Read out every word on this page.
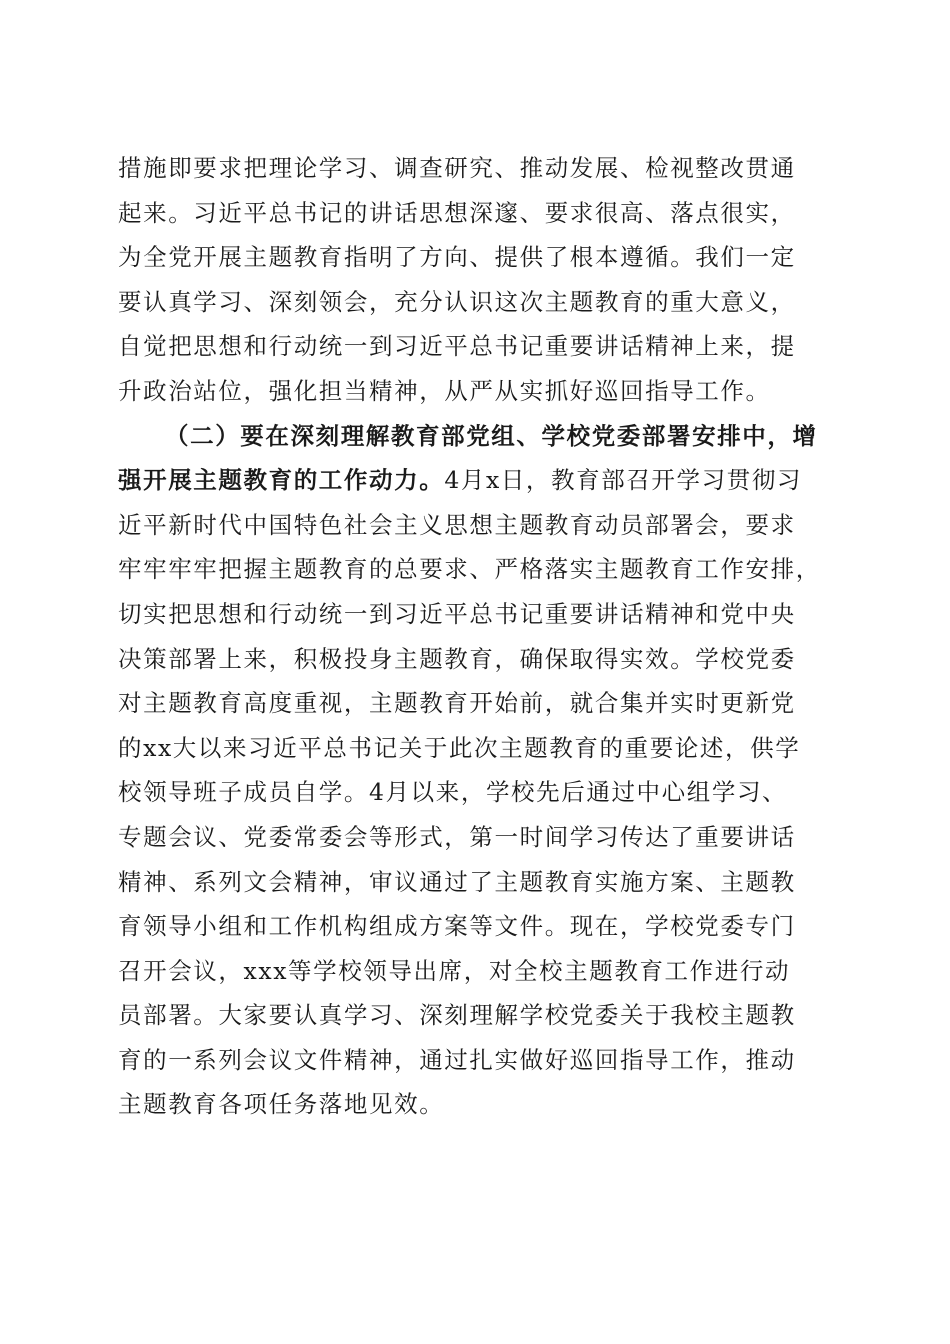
措施即要求把理论学习、调查研究、推动发展、检视整改贯通
起来。习近平总书记的讲话思想深邃、要求很高、落点很实，
为全党开展主题教育指明了方向、提供了根本遵循。我们一定
要认真学习、深刻领会，充分认识这次主题教育的重大意义，
自觉把思想和行动统一到习近平总书记重要讲话精神上来，提
升政治站位，强化担当精神，从严从实抓好巡回指导工作。
（二）要在深刻理解教育部党组、学校党委部署安排中，增
强开展主题教育的工作动力。4月x日，教育部召开学习贯彻习
近平新时代中国特色社会主义思想主题教育动员部署会，要求
牢牢牢牢把握主题教育的总要求、严格落实主题教育工作安排，
切实把思想和行动统一到习近平总书记重要讲话精神和党中央
决策部署上来，积极投身主题教育，确保取得实效。学校党委
对主题教育高度重视，主题教育开始前，就合集并实时更新党
的xx大以来习近平总书记关于此次主题教育的重要论述，供学
校领导班子成员自学。4月以来，学校先后通过中心组学习、
专题会议、党委常委会等形式，第一时间学习传达了重要讲话
精神、系列文会精神，审议通过了主题教育实施方案、主题教
育领导小组和工作机构组成方案等文件。现在，学校党委专门
召开会议，xxx等学校领导出席，对全校主题教育工作进行动
员部署。大家要认真学习、深刻理解学校党委关于我校主题教
育的一系列会议文件精神，通过扎实做好巡回指导工作，推动
主题教育各项任务落地见效。
